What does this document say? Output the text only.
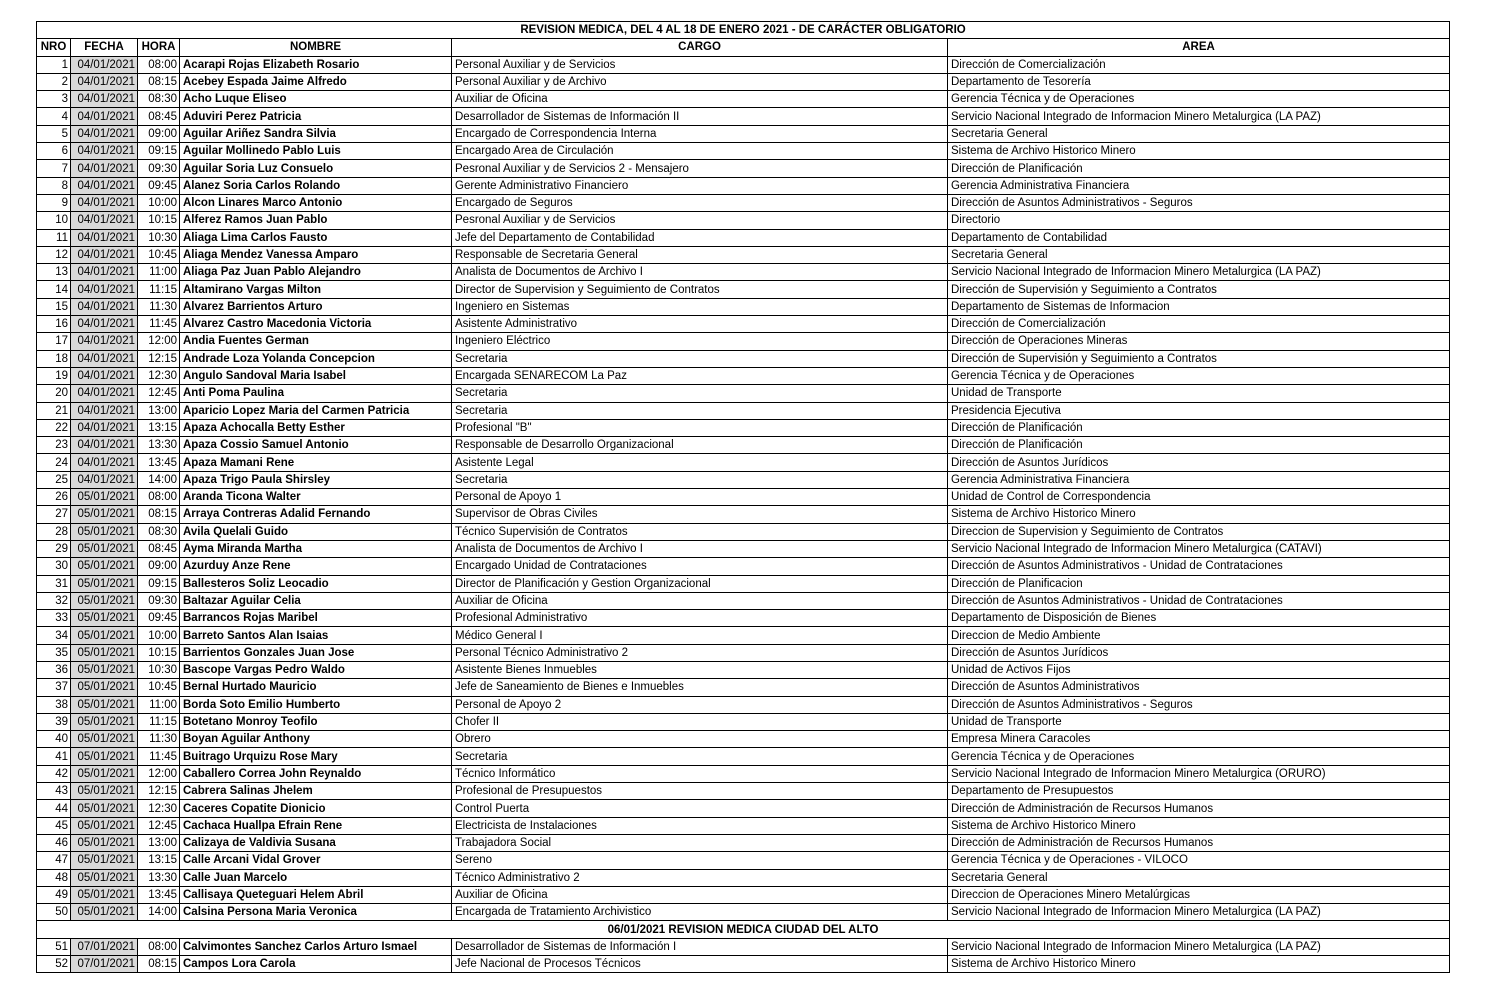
REVISION MEDICA, DEL 4 AL 18 DE ENERO 2021 - DE CARÁCTER OBLIGATORIO					
NRO	FECHA	HORA	NOMBRE	CARGO	AREA
1	04/01/2021	08:00	Acarapi Rojas Elizabeth Rosario	Personal Auxiliar y de Servicios	Dirección de Comercialización
2	04/01/2021	08:15	Acebey Espada Jaime Alfredo	Personal Auxiliar y de Archivo	Departamento de Tesorería
3	04/01/2021	08:30	Acho Luque Eliseo	Auxiliar de Oficina	Gerencia Técnica y de Operaciones
4	04/01/2021	08:45	Aduviri Perez Patricia	Desarrollador de Sistemas de Información II	Servicio Nacional Integrado de Informacion Minero Metalurgica (LA PAZ)
5	04/01/2021	09:00	Aguilar Ariñez Sandra Silvia	Encargado de Correspondencia Interna	Secretaria General
6	04/01/2021	09:15	Aguilar Mollinedo Pablo Luis	Encargado Area de Circulación	Sistema de Archivo Historico Minero
7	04/01/2021	09:30	Aguilar Soria Luz Consuelo	Pesronal Auxiliar y de Servicios 2 - Mensajero	Dirección de Planificación
8	04/01/2021	09:45	Alanez Soria Carlos Rolando	Gerente Administrativo Financiero	Gerencia Administrativa Financiera
9	04/01/2021	10:00	Alcon Linares Marco Antonio	Encargado de Seguros	Dirección de Asuntos Administrativos - Seguros
10	04/01/2021	10:15	Alferez Ramos Juan Pablo	Pesronal Auxiliar y de Servicios	Directorio
11	04/01/2021	10:30	Aliaga Lima Carlos Fausto	Jefe del Departamento de Contabilidad	Departamento de Contabilidad
12	04/01/2021	10:45	Aliaga Mendez Vanessa Amparo	Responsable de Secretaria General	Secretaria General
13	04/01/2021	11:00	Aliaga Paz Juan Pablo Alejandro	Analista de Documentos de Archivo I	Servicio Nacional Integrado de Informacion Minero Metalurgica (LA PAZ)
14	04/01/2021	11:15	Altamirano Vargas Milton	Director de Supervision y Seguimiento de Contratos	Dirección de Supervisión y Seguimiento a Contratos
15	04/01/2021	11:30	Alvarez Barrientos Arturo	Ingeniero en Sistemas	Departamento de Sistemas de Informacion
16	04/01/2021	11:45	Alvarez Castro Macedonia Victoria	Asistente Administrativo	Dirección de Comercialización
17	04/01/2021	12:00	Andia Fuentes German	Ingeniero Eléctrico	Dirección de Operaciones Mineras
18	04/01/2021	12:15	Andrade Loza Yolanda Concepcion	Secretaria	Dirección de Supervisión y Seguimiento a Contratos
19	04/01/2021	12:30	Angulo Sandoval Maria Isabel	Encargada SENARECOM La Paz	Gerencia Técnica y de Operaciones
20	04/01/2021	12:45	Anti Poma Paulina	Secretaria	Unidad de Transporte
21	04/01/2021	13:00	Aparicio Lopez Maria del Carmen Patricia	Secretaria	Presidencia Ejecutiva
22	04/01/2021	13:15	Apaza Achocalla Betty Esther	Profesional "B"	Dirección de Planificación
23	04/01/2021	13:30	Apaza Cossio Samuel Antonio	Responsable de Desarrollo Organizacional	Dirección de Planificación
24	04/01/2021	13:45	Apaza Mamani Rene	Asistente Legal	Dirección de Asuntos Jurídicos
25	04/01/2021	14:00	Apaza Trigo Paula Shirsley	Secretaria	Gerencia Administrativa Financiera
26	05/01/2021	08:00	Aranda Ticona Walter	Personal de Apoyo 1	Unidad de Control de Correspondencia
27	05/01/2021	08:15	Arraya Contreras Adalid Fernando	Supervisor de Obras Civiles	Sistema de Archivo Historico Minero
28	05/01/2021	08:30	Avila Quelali Guido	Técnico Supervisión de Contratos	Direccion de Supervision y Seguimiento de Contratos
29	05/01/2021	08:45	Ayma Miranda Martha	Analista de Documentos de Archivo I	Servicio Nacional Integrado de Informacion Minero Metalurgica (CATAVI)
30	05/01/2021	09:00	Azurduy Anze Rene	Encargado Unidad de Contrataciones	Dirección de Asuntos Administrativos - Unidad de Contrataciones
31	05/01/2021	09:15	Ballesteros Soliz Leocadio	Director de Planificación y Gestion Organizacional	Dirección de Planificacion
32	05/01/2021	09:30	Baltazar Aguilar Celia	Auxiliar de Oficina	Dirección de Asuntos Administrativos - Unidad de Contrataciones
33	05/01/2021	09:45	Barrancos Rojas Maribel	Profesional Administrativo	Departamento de Disposición de Bienes
34	05/01/2021	10:00	Barreto Santos Alan Isaias	Médico General I	Direccion de Medio Ambiente
35	05/01/2021	10:15	Barrientos Gonzales Juan Jose	Personal Técnico Administrativo 2	Dirección de Asuntos Jurídicos
36	05/01/2021	10:30	Bascope Vargas Pedro Waldo	Asistente Bienes Inmuebles	Unidad de Activos Fijos
37	05/01/2021	10:45	Bernal Hurtado Mauricio	Jefe de Saneamiento de Bienes e Inmuebles	Dirección de Asuntos Administrativos
38	05/01/2021	11:00	Borda Soto Emilio Humberto	Personal de Apoyo 2	Dirección de Asuntos Administrativos - Seguros
39	05/01/2021	11:15	Botetano Monroy Teofilo	Chofer II	Unidad de Transporte
40	05/01/2021	11:30	Boyan Aguilar Anthony	Obrero	Empresa Minera Caracoles
41	05/01/2021	11:45	Buitrago Urquizu Rose Mary	Secretaria	Gerencia Técnica y de Operaciones
42	05/01/2021	12:00	Caballero Correa John Reynaldo	Técnico Informático	Servicio Nacional Integrado de Informacion Minero Metalurgica (ORURO)
43	05/01/2021	12:15	Cabrera Salinas Jhelem	Profesional de Presupuestos	Departamento de Presupuestos
44	05/01/2021	12:30	Caceres Copatite Dionicio	Control Puerta	Dirección de Administración de Recursos Humanos
45	05/01/2021	12:45	Cachaca Huallpa Efrain Rene	Electricista de Instalaciones	Sistema de Archivo Historico Minero
46	05/01/2021	13:00	Calizaya de Valdivia Susana	Trabajadora Social	Dirección de Administración de Recursos Humanos
47	05/01/2021	13:15	Calle Arcani Vidal Grover	Sereno	Gerencia Técnica y de Operaciones - VILOCO
48	05/01/2021	13:30	Calle Juan Marcelo	Técnico Administrativo 2	Secretaria General
49	05/01/2021	13:45	Callisaya Queteguari Helem Abril	Auxiliar de Oficina	Direccion de Operaciones Minero Metalúrgicas
50	05/01/2021	14:00	Calsina Persona Maria Veronica	Encargada de Tratamiento Archivistico	Servicio Nacional Integrado de Informacion Minero Metalurgica (LA PAZ)
06/01/2021 REVISION MEDICA CIUDAD DEL ALTO					
51	07/01/2021	08:00	Calvimontes Sanchez Carlos Arturo Ismael	Desarrollador de Sistemas de Información I	Servicio Nacional Integrado de Informacion Minero Metalurgica (LA PAZ)
52	07/01/2021	08:15	Campos Lora Carola	Jefe Nacional de Procesos Técnicos	Sistema de Archivo Historico Minero
